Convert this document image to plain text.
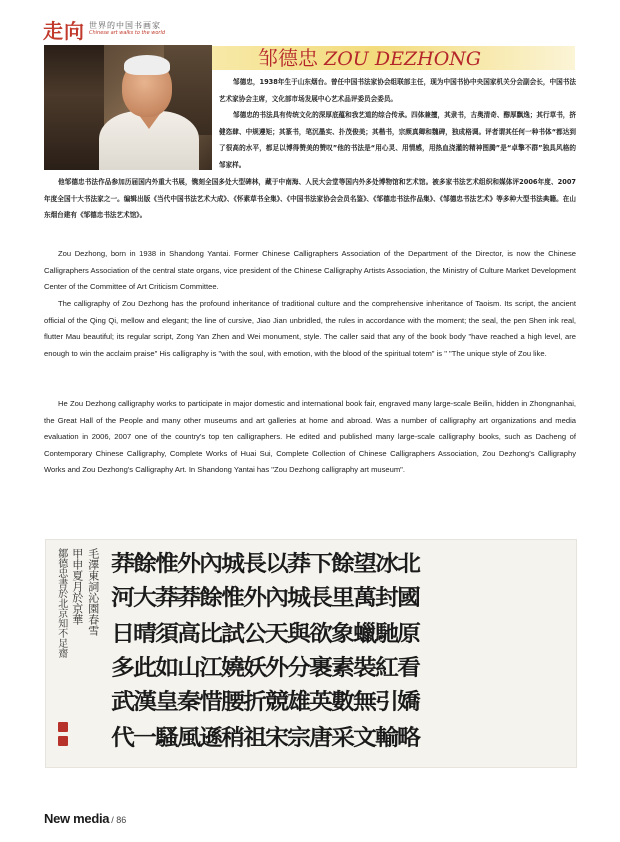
走向 世界的中国书画家
Chinese art walks to the world
邹德忠 ZOU DEZHONG

邹德忠，1938年生于山东烟台。曾任中国书法家协会组联部主任，现为中国书协中央国家机关分会副会长，中国书法艺术家协会主席，文化部市场发展中心艺术品评委员会委员。

邹德忠的书法具有传统文化的深厚底蕴和我艺道的综合传承。四体兼擅，其隶书，古奥清奇、醇厚飘逸；其行草书，挤健恣肆、中规遵矩；其篆书，笔沉墨实、扑茂俊美；其楷书，宗颜真卿和魏碑，独成格调。评者谓其任何一种书体“都达到了很高的水平，都足以博得赞美的赞叹”他的书法是“用心灵、用情感，用热血浇灌的精神图腾”是“卓擎不群”独具风格的邹家样。

他邹德忠书法作品参加历届国内外重大书展，镌刻全国多处大型碑林，藏于中南海、人民大会堂等国内外多处博物馆和艺术馆。被多家书法艺术组织和媒体评2006年度、2007年度全国十大书法家之一。编辑出版《当代中国书法艺术大成》、《怀素草书全集》、《中国书法家协会会员名鉴》、《邹德忠书法作品集》、《邹德忠书法艺术》等多种大型书法典籍。在山东烟台建有《邹德忠书法艺术馆》。

Zou Dezhong, born in 1938 in Shandong Yantai. Former Chinese Calligraphers Association of the Department of the Director, is now the Chinese Calligraphers Association of the central state organs, vice president of the Chinese Calligraphy Artists Association, the Ministry of Culture Market Development Center of the Committee of Art Criticism Committee.

The calligraphy of Zou Dezhong has the profound inheritance of traditional culture and the comprehensive inheritance of Taoism. Its script, the ancient official of the Qing Qi, mellow and elegant; the line of cursive, Jiao Jian unbridled, the rules in accordance with the moment; the seal, the pen Shen ink real, flutter Mau beautiful; its regular script, Zong Yan Zhen and Wei monument, style. The caller said that any of the book body "have reached a high level, are enough to win the acclaim praise" His calligraphy is "with the soul, with emotion, with the blood of the spiritual totem" is " "The unique style of Zou like.

He Zou Dezhong calligraphy works to participate in major domestic and international book fair, engraved many large-scale Beilin, hidden in Zhongnanhai, the Great Hall of the People and many other museums and art galleries at home and abroad. Was a number of calligraphy art organizations and media evaluation in 2006, 2007 one of the country's top ten calligraphers. He edited and published many large-scale calligraphy books, such as Dacheng of Contemporary Chinese Calligraphy, Complete Works of Huai Sui, Complete Collection of Chinese Calligraphers Association, Zou Dezhong's Calligraphy Works and Zou Dezhong's Calligraphy Art. In Shandong Yantai has "Zou Dezhong calligraphy art museum".

毛澤東詞沁園春雪
甲申夏月於京華
鄒德忠書於北京知不足齋	北
冰
望
餘
下
莽
以
長
城
內
外
惟
餘
莽
國
封
萬
里
長
城
內
外
惟
餘
莽
莽
大
河
原
馳
蠟
象
欲
與
天
公
試
比
高
須
晴
日
看
紅
裝
素
裹
分
外
妖
嬈
江
山
如
此
多
嬌
引
無
數
英
雄
競
折
腰
惜
秦
皇
漢
武
略
輸
文
采
唐
宗
宋
祖
稍
遜
風
騷
一
代
New media / 86
